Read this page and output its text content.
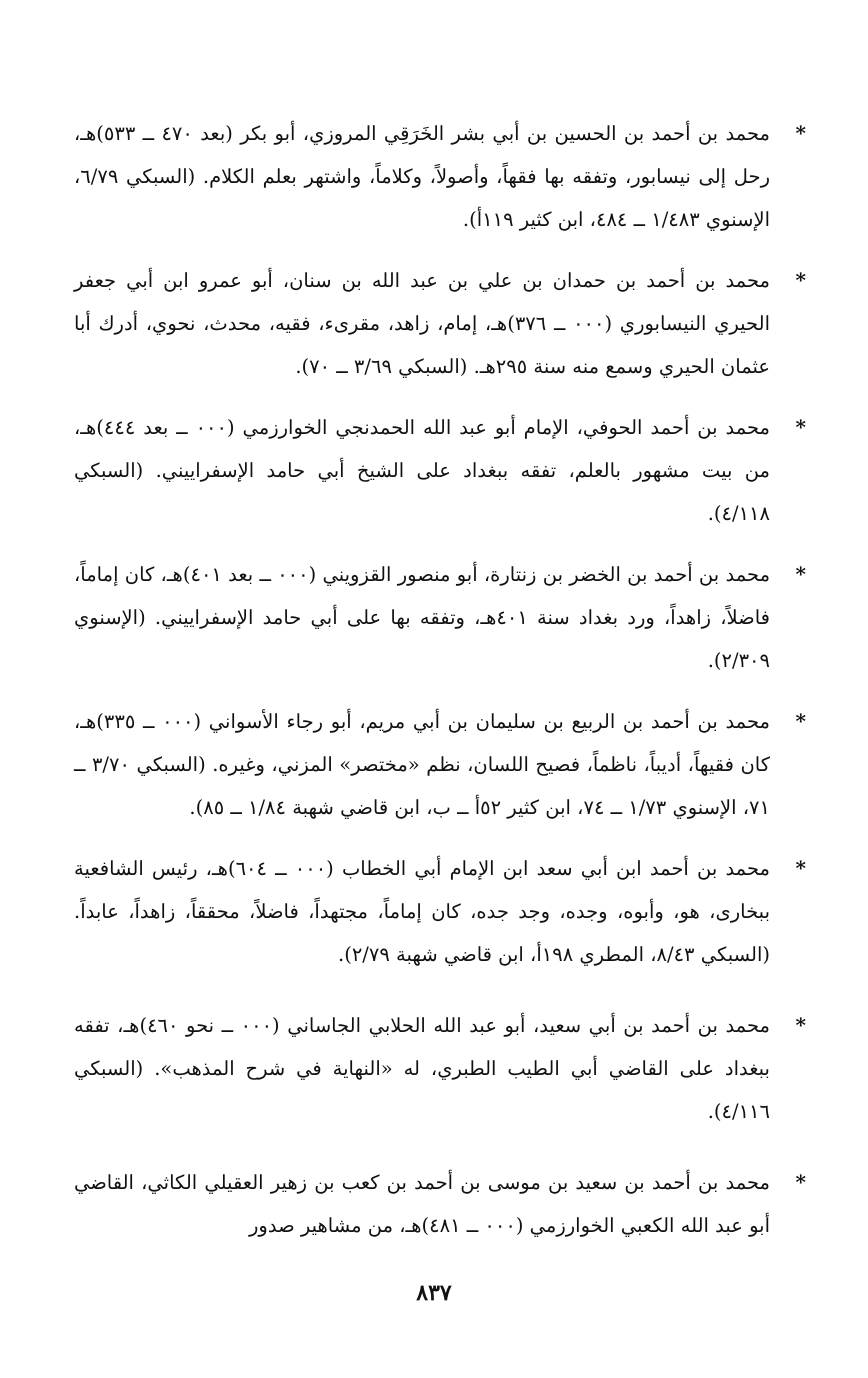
*
محمد بن أحمد بن الحسين بن أبي بشر الخَرَقِي المروزي، أبو بكر (بعد ٤٧٠ ــ ٥٣٣)هـ، رحل إلى نيسابور، وتفقه بها فقهاً، وأصولاً، وكلاماً، واشتهر بعلم الكلام. (السبكي ٦/٧٩، الإسنوي ١/٤٨٣ ــ ٤٨٤، ابن كثير ١١٩أ).
*
محمد بن أحمد بن حمدان بن علي بن عبد الله بن سنان، أبو عمرو ابن أبي جعفر الحيري النيسابوري (٠٠٠ ــ ٣٧٦)هـ، إمام، زاهد، مقرىء، فقيه، محدث، نحوي، أدرك أبا عثمان الحيري وسمع منه سنة ٢٩٥هـ. (السبكي ٣/٦٩ ــ ٧٠).
*
محمد بن أحمد الحوفي، الإمام أبو عبد الله الحمدنجي الخوارزمي (٠٠٠ ــ بعد ٤٤٤)هـ، من بيت مشهور بالعلم، تفقه ببغداد على الشيخ أبي حامد الإسفراييني. (السبكي ٤/١١٨).
*
محمد بن أحمد بن الخضر بن زنتارة، أبو منصور القزويني (٠٠٠ ــ بعد ٤٠١)هـ، كان إماماً، فاضلاً، زاهداً، ورد بغداد سنة ٤٠١هـ، وتفقه بها على أبي حامد الإسفراييني. (الإسنوي ٢/٣٠٩).
*
محمد بن أحمد بن الربيع بن سليمان بن أبي مريم، أبو رجاء الأسواني (٠٠٠ ــ ٣٣٥)هـ، كان فقيهاً، أديباً، ناظماً، فصيح اللسان، نظم «مختصر» المزني، وغيره. (السبكي ٣/٧٠ ــ ٧١، الإسنوي ١/٧٣ ــ ٧٤، ابن كثير ٥٢أ ــ ب، ابن قاضي شهبة ١/٨٤ ــ ٨٥).
*
محمد بن أحمد ابن أبي سعد ابن الإمام أبي الخطاب (٠٠٠ ــ ٦٠٤)هـ، رئيس الشافعية ببخارى، هو، وأبوه، وجده، وجد جده، كان إماماً، مجتهداً، فاضلاً، محققاً، زاهداً، عابداً. (السبكي ٨/٤٣، المطري ١٩٨أ، ابن قاضي شهبة ٢/٧٩).
*
محمد بن أحمد بن أبي سعيد، أبو عبد الله الحلابي الجاساني (٠٠٠ ــ نحو ٤٦٠)هـ، تفقه ببغداد على القاضي أبي الطيب الطبري، له «النهاية في شرح المذهب». (السبكي ٤/١١٦).
*
محمد بن أحمد بن سعيد بن موسى بن أحمد بن كعب بن زهير العقيلي الكاثي، القاضي أبو عبد الله الكعبي الخوارزمي (٠٠٠ ــ ٤٨١)هـ، من مشاهير صدور
٨٣٧
